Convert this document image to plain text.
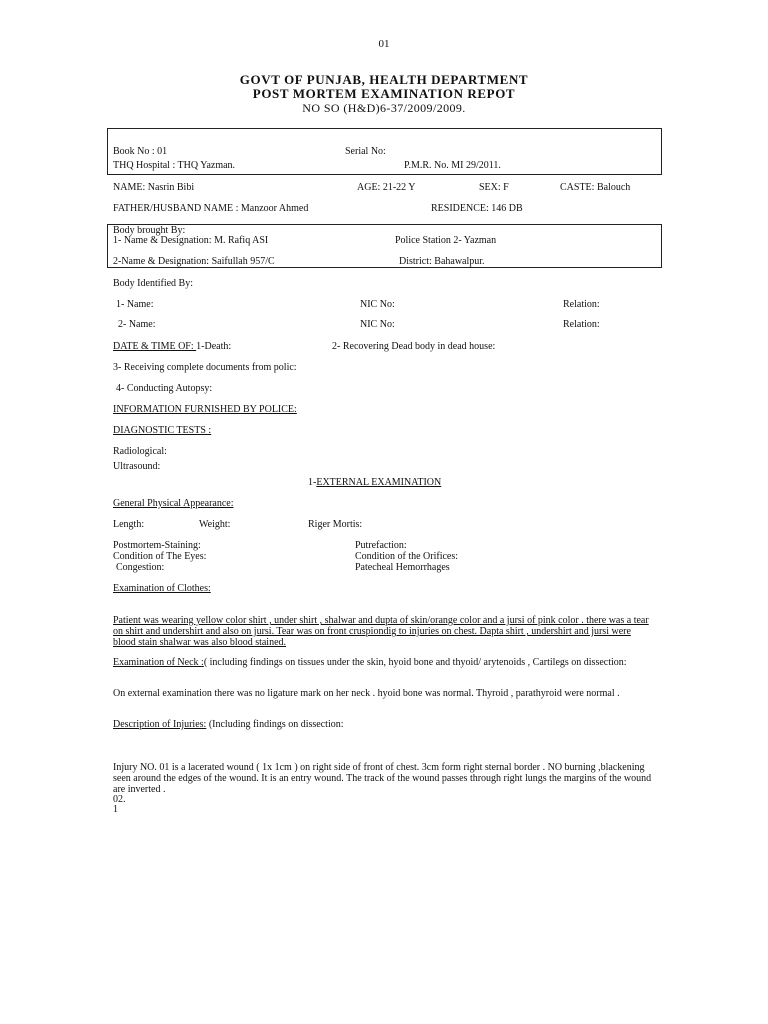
01
GOVT OF PUNJAB, HEALTH DEPARTMENT
POST MORTEM EXAMINATION REPOT
NO SO (H&D)6-37/2009/2009.
Book No : 01	Serial No:
THQ Hospital : THQ Yazman.	P.M.R. No. MI 29/2011.
NAME: Nasrin Bibi	AGE: 21-22 Y	SEX: F	CASTE: Balouch
FATHER/HUSBAND NAME : Manzoor Ahmed	RESIDENCE: 146 DB
Body brought By:
1- Name & Designation: M. Rafiq ASI	Police Station 2- Yazman
2-Name & Designation: Saifullah 957/C	District: Bahawalpur.
Body Identified By:
1- Name:	NIC No:	Relation:
2- Name:	NIC No:	Relation:
DATE & TIME OF: 1-Death:	2- Recovering Dead body in dead house:
3- Receiving complete documents from polic:
4- Conducting Autopsy:
INFORMATION FURNISHED BY POLICE:
DIAGNOSTIC TESTS :
Radiological:
Ultrasound:
1-EXTERNAL EXAMINATION
General Physical Appearance:
Length:	Weight:	Riger Mortis:
Postmortem-Staining:	Putrefaction:
Condition of The Eyes:	Condition of the Orifices:
Congestion:	Patecheal Hemorrhages
Examination of Clothes:
Patient was wearing yellow color shirt , under shirt , shalwar and dupta of skin/orange color and a jursi of pink color . there was a tear on shirt and undershirt and also on jursi. Tear was on front cruspiondig to injuries on chest. Dapta shirt , undershirt and jursi were blood stain shalwar was also blood stained.
Examination of Neck :( including findings on tissues under the skin, hyoid bone and thyoid/ arytenoids , Cartilegs on dissection:
On external examination there was no ligature mark on her neck . hyoid bone was normal. Thyroid , parathyroid were normal .
Description of Injuries: (Including findings on dissection:
Injury NO. 01 is a lacerated wound ( 1x 1cm ) on right side of front of chest. 3cm form right sternal border . NO burning ,blackening seen around the edges of the wound. It is an entry wound. The track of the wound passes through right lungs the margins of the wound are inverted .
02.
1
